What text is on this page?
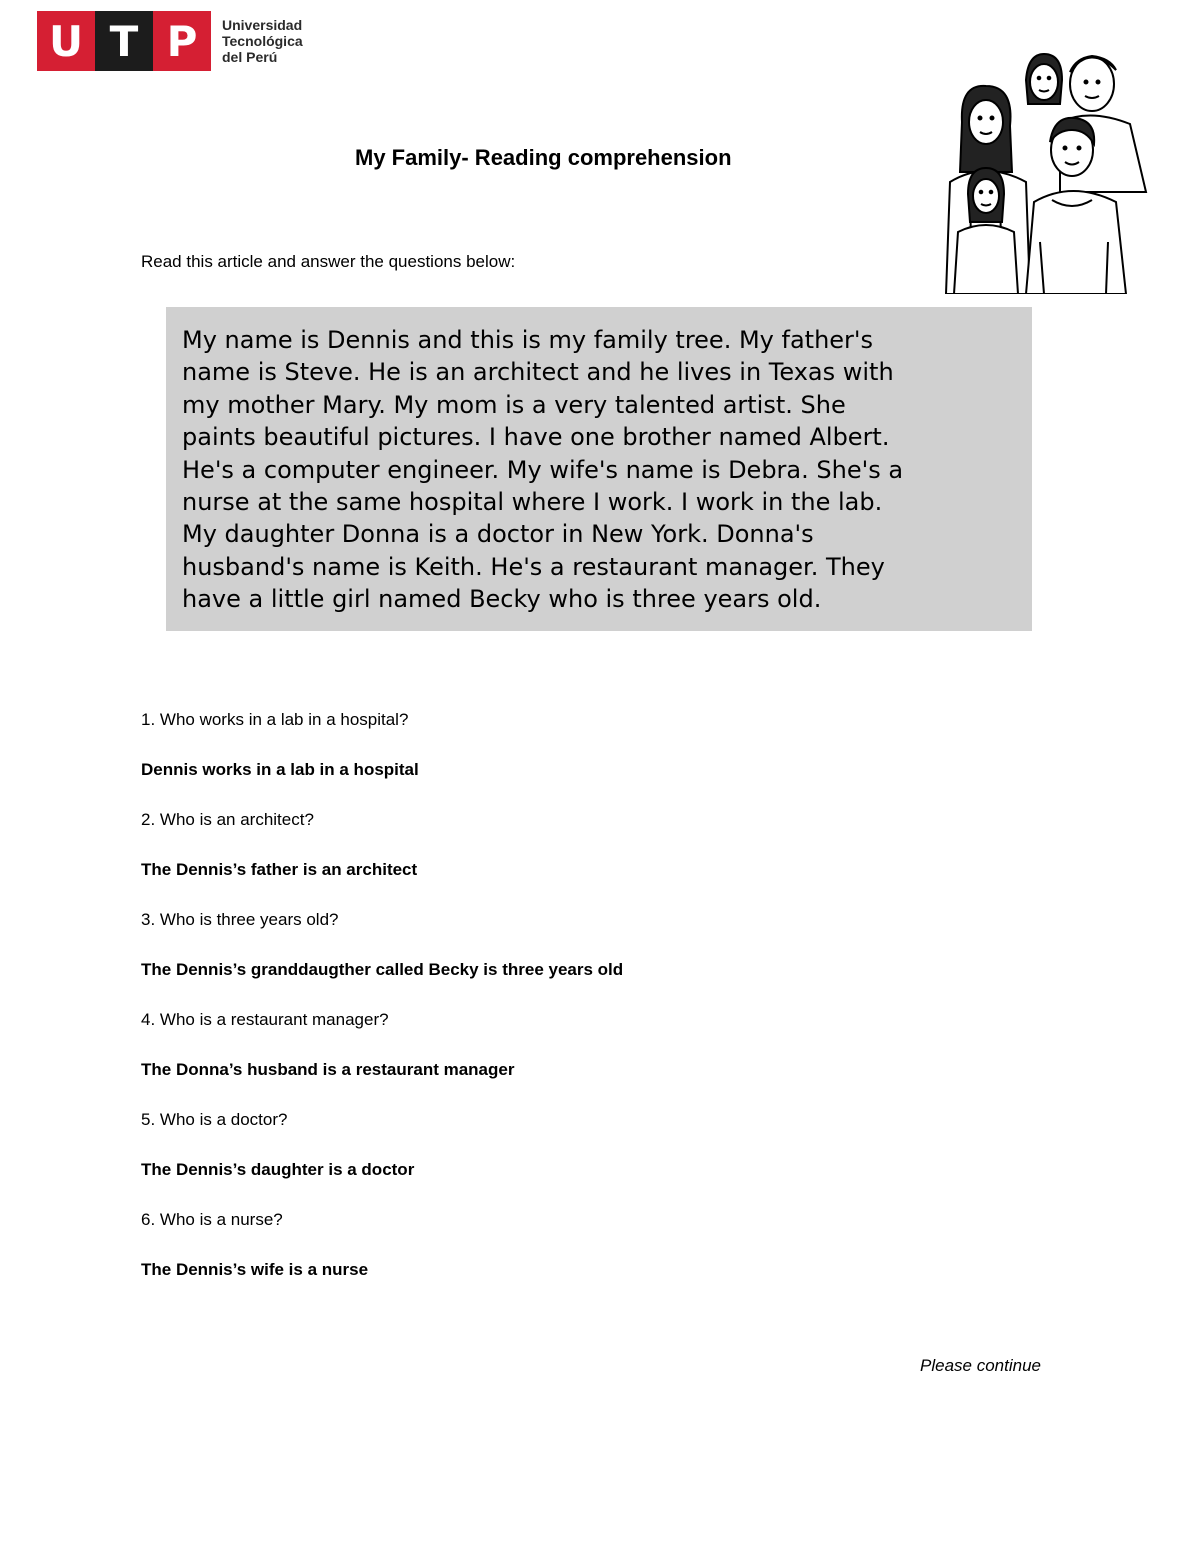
U T P	Universidad
Tecnológica
del Perú
My Family- Reading comprehension
Read this article and answer the questions below:
My name is Dennis and this is my family tree. My father's
name is Steve. He is an architect and he lives in Texas with
my mother Mary. My mom is a very talented artist. She
paints beautiful pictures. I have one brother named Albert.
He's a computer engineer. My wife's name is Debra. She's a
nurse at the same hospital where I work. I work in the lab.
My daughter Donna is a doctor in New York. Donna's
husband's name is Keith. He's a restaurant manager. They
have a little girl named Becky who is three years old.
1. Who works in a lab in a hospital?
Dennis works in a lab in a hospital
2. Who is an architect?
The Dennis’s father is an architect
3. Who is three years old?
The Dennis’s granddaugther called Becky is three years old
4. Who is a restaurant manager?
The Donna’s husband is a restaurant manager
5. Who is a doctor?
The Dennis’s daughter is a doctor
6. Who is a nurse?
The Dennis’s wife is a nurse
Please continue
